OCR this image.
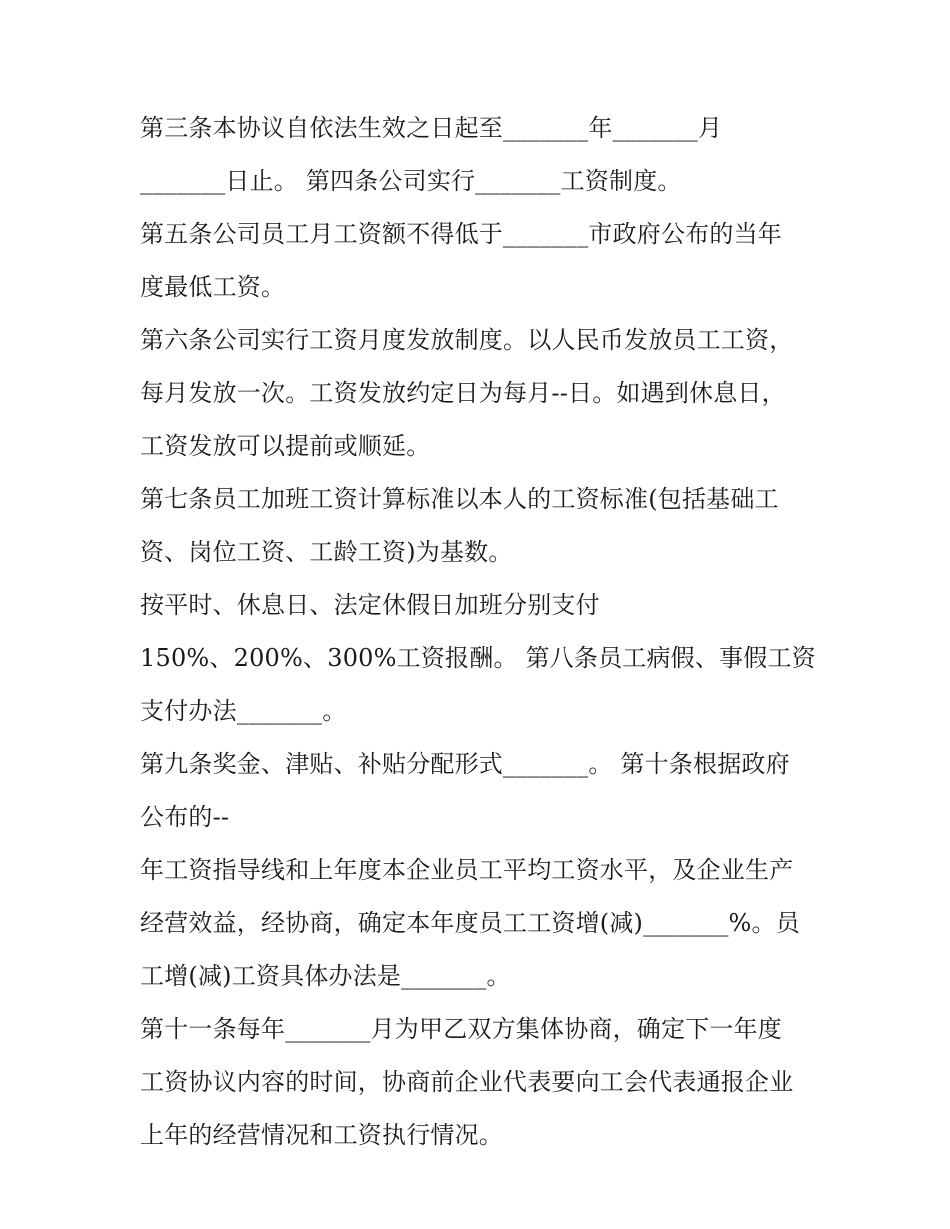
第三条本协议自依法生效之日起至_______年_______月
_______日止。 第四条公司实行_______工资制度。
第五条公司员工月工资额不得低于_______市政府公布的当年
度最低工资。
第六条公司实行工资月度发放制度。以人民币发放员工工资，
每月发放一次。工资发放约定日为每月--日。如遇到休息日，
工资发放可以提前或顺延。
第七条员工加班工资计算标准以本人的工资标准(包括基础工
资、岗位工资、工龄工资)为基数。
按平时、休息日、法定休假日加班分别支付
150%、200%、300%工资报酬。 第八条员工病假、事假工资
支付办法_______。
第九条奖金、津贴、补贴分配形式_______。 第十条根据政府
公布的--
年工资指导线和上年度本企业员工平均工资水平，及企业生产
经营效益，经协商，确定本年度员工工资增(减)_______%。员
工增(减)工资具体办法是_______。
第十一条每年_______月为甲乙双方集体协商，确定下一年度
工资协议内容的时间，协商前企业代表要向工会代表通报企业
上年的经营情况和工资执行情况。
